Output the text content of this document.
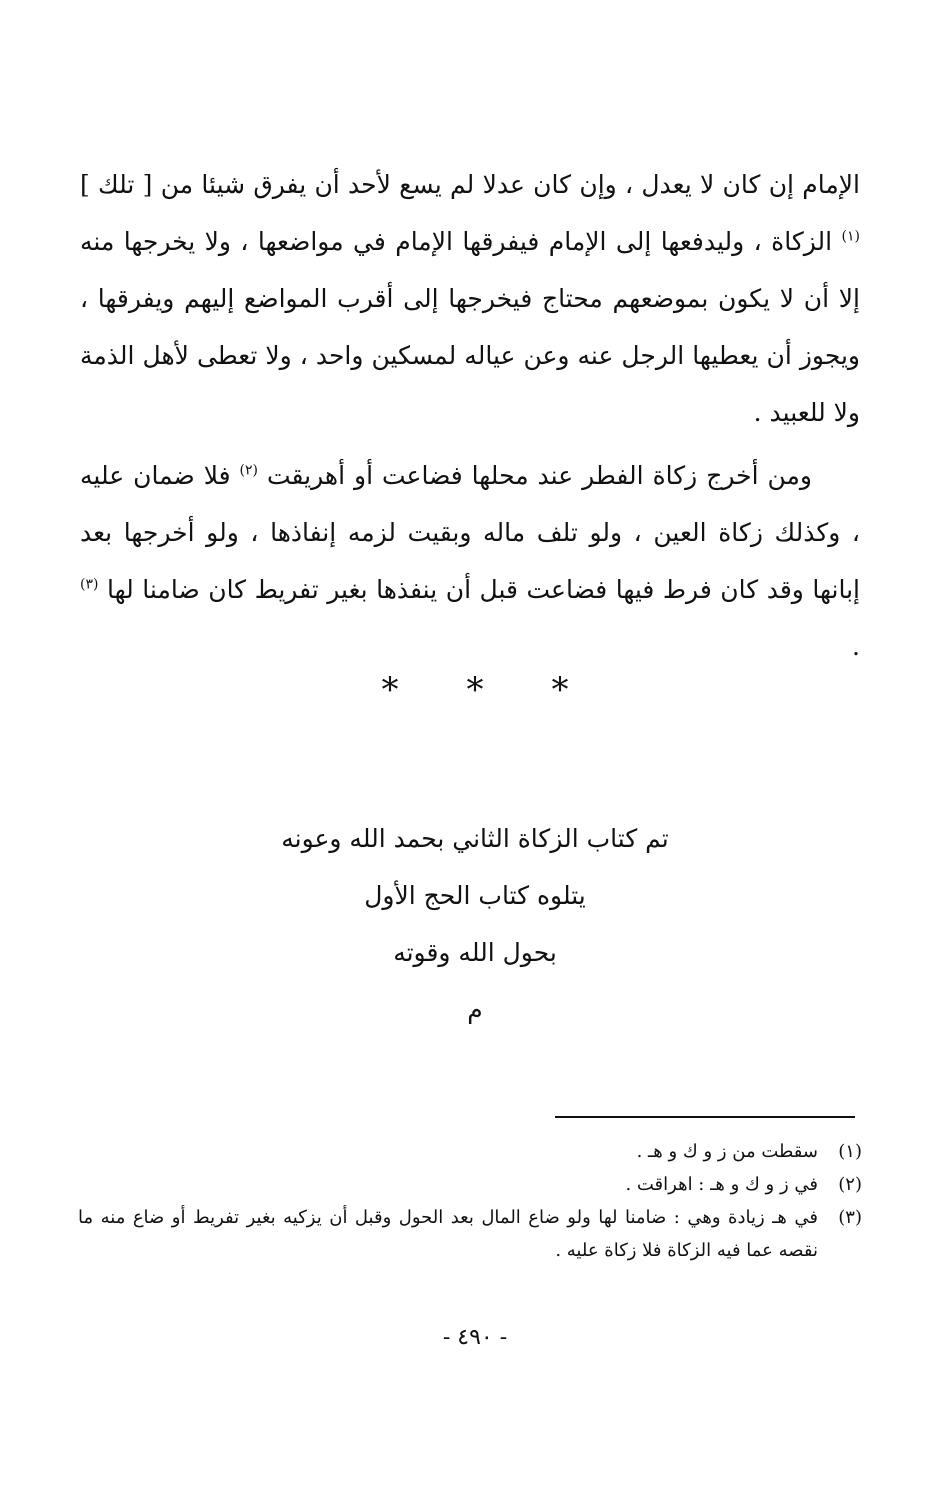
الإمام إن كان لا يعدل ، وإن كان عدلا لم يسع لأحد أن يفرق شيئا من [ تلك ] $^{(١)}$ الزكاة ، وليدفعها إلى الإمام فيفرقها الإمام في مواضعها ، ولا يخرجها منه إلا أن لا يكون بموضعهم محتاج فيخرجها إلى أقرب المواضع إليهم ويفرقها ، ويجوز أن يعطيها الرجل عنه وعن عياله لمسكين واحد ، ولا تعطى لأهل الذمة ولا للعبيد .

ومن أخرج زكاة الفطر عند محلها فضاعت أو أهريقت $^{(٢)}$ فلا ضمان عليه ، وكذلك زكاة العين ، ولو تلف ماله وبقيت لزمه إنفاذها ، ولو أخرجها بعد إبانها وقد كان فرط فيها فضاعت قبل أن ينفذها بغير تفريط كان ضامنا لها $^{(٣)}$ .

* * *
تم كتاب الزكاة الثاني بحمد الله وعونه
يتلوه كتاب الحج الأول
بحول الله وقوته
م
(١)
سقطت من ز و ك و هـ .
(٢)
في ز و ك و هـ : اهراقت .
(٣)
في هـ زيادة وهي : ضامنا لها ولو ضاع المال بعد الحول وقبل أن يزكيه بغير تفريط أو ضاع منه ما نقصه عما فيه الزكاة فلا زكاة عليه .
- ٤٩٠ -
